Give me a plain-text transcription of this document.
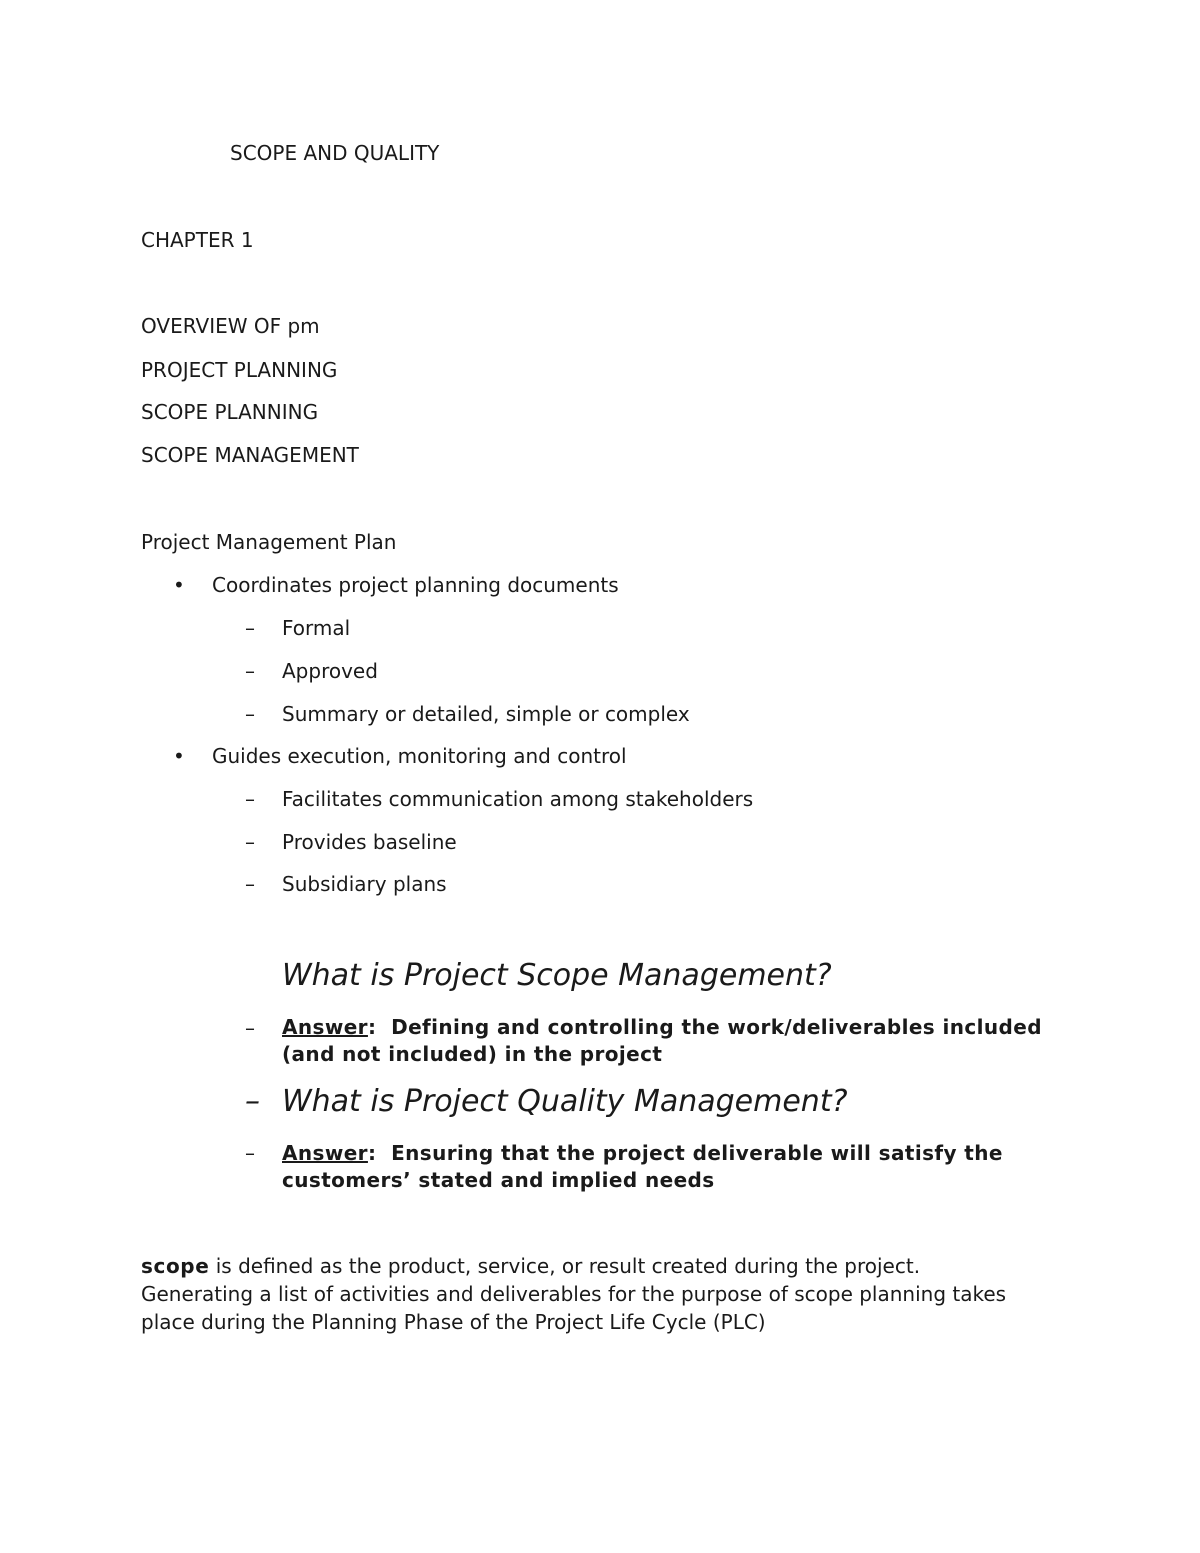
SCOPE AND QUALITY
CHAPTER 1
OVERVIEW OF pm
PROJECT PLANNING
SCOPE PLANNING
SCOPE MANAGEMENT
Project Management Plan
• Coordinates project planning documents
– Formal
– Approved
– Summary or detailed, simple or complex
• Guides execution, monitoring and control
– Facilitates communication among stakeholders
– Provides baseline
– Subsidiary plans
What is Project Scope Management?
– Answer: Defining and controlling the work/deliverables included (and not included) in the project
– What is Project Quality Management?
– Answer: Ensuring that the project deliverable will satisfy the customers’ stated and implied needs
scope is defined as the product, service, or result created during the project. Generating a list of activities and deliverables for the purpose of scope planning takes place during the Planning Phase of the Project Life Cycle (PLC)
